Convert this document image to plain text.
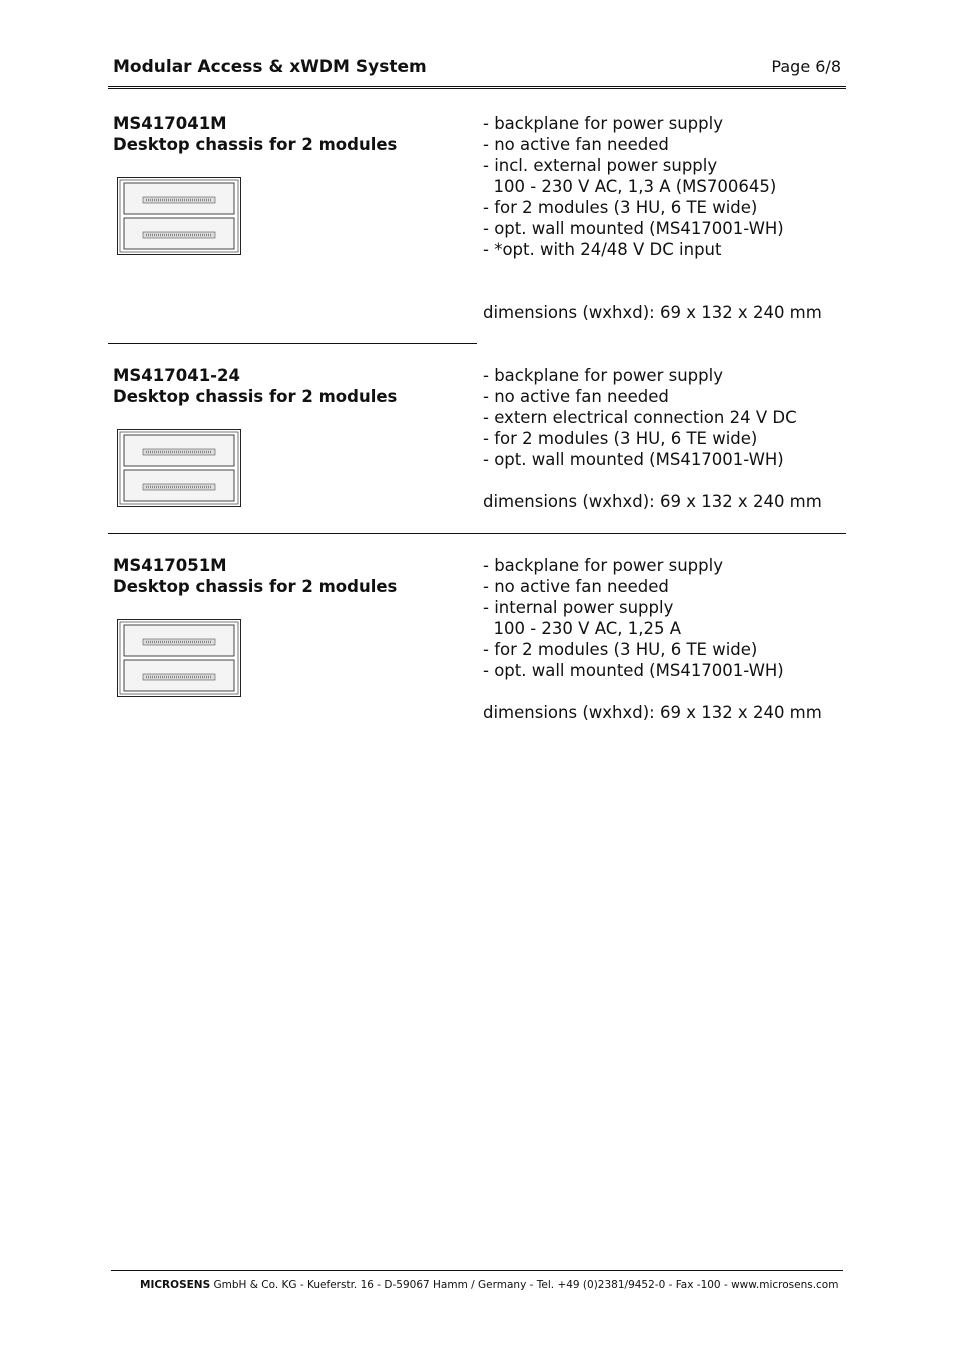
Modular Access & xWDM System	Page 6/8
MS417041M
Desktop chassis for 2 modules
- backplane for power supply
- no active fan needed
- incl. external power supply
100 - 230 V AC, 1,3 A (MS700645)
- for 2 modules (3 HU, 6 TE wide)
- opt. wall mounted (MS417001-WH)
- *opt. with 24/48 V DC input
dimensions (wxhxd): 69 x 132 x 240 mm
MS417041-24
Desktop chassis for 2 modules
- backplane for power supply
- no active fan needed
- extern electrical connection 24 V DC
- for 2 modules (3 HU, 6 TE wide)
- opt. wall mounted (MS417001-WH)
dimensions (wxhxd): 69 x 132 x 240 mm
MS417051M
Desktop chassis for 2 modules
- backplane for power supply
- no active fan needed
- internal power supply
100 - 230 V AC, 1,25 A
- for 2 modules (3 HU, 6 TE wide)
- opt. wall mounted (MS417001-WH)
dimensions (wxhxd): 69 x 132 x 240 mm
MICROSENS GmbH & Co. KG - Kueferstr. 16 - D-59067 Hamm / Germany - Tel. +49 (0)2381/9452-0 - Fax -100 - www.microsens.com
